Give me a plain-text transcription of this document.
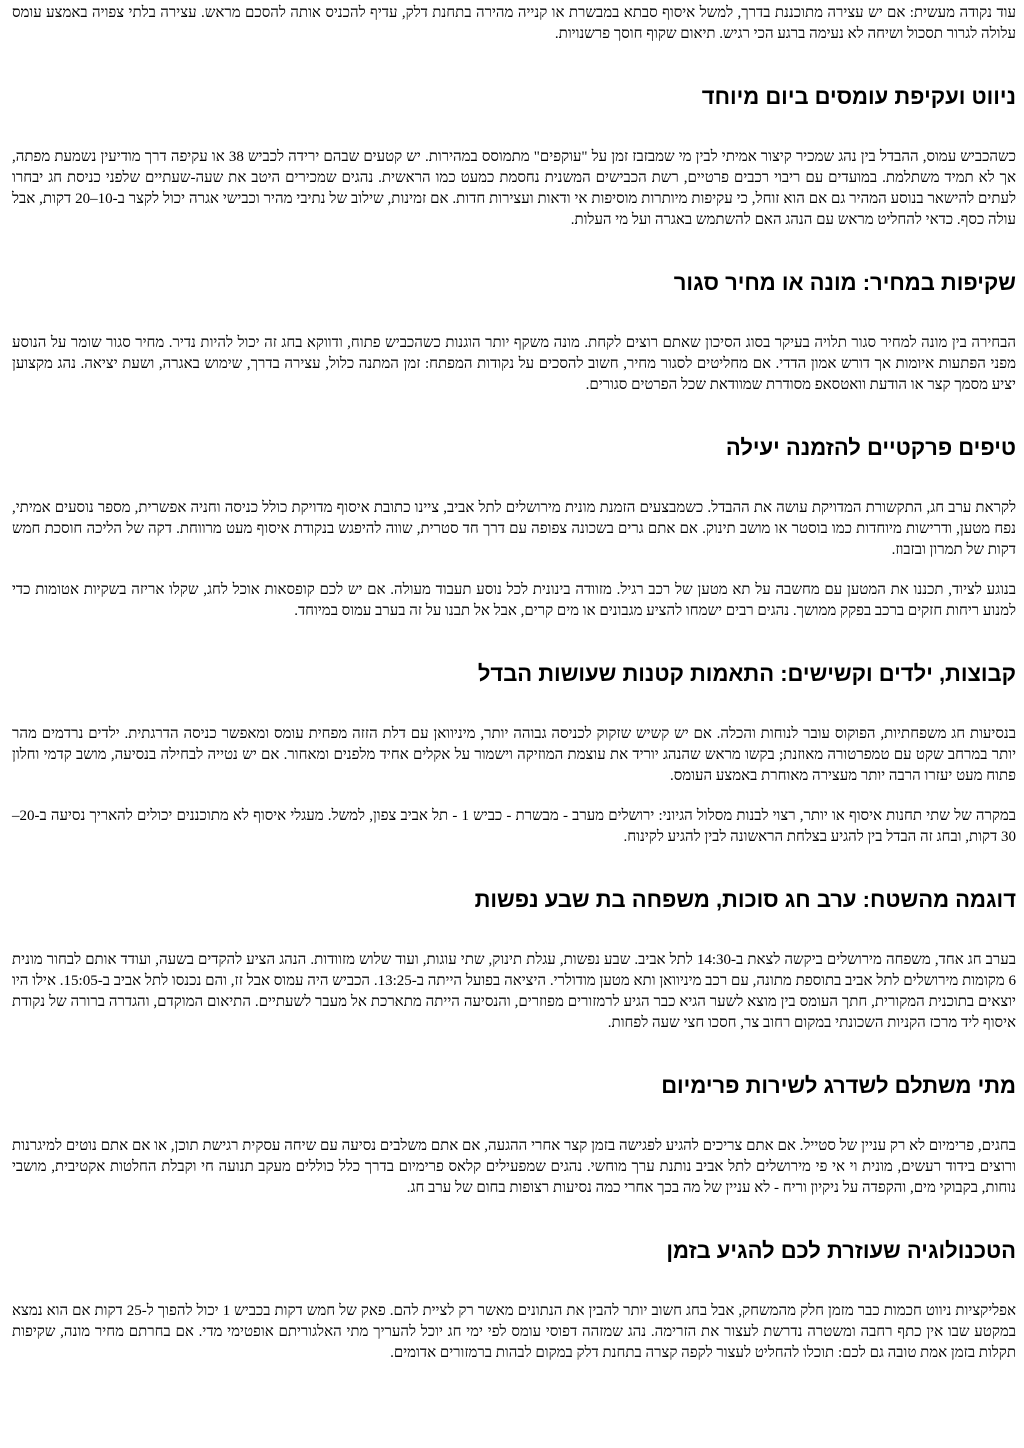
עוד נקודה מעשית: אם יש עצירה מתוכננת בדרך, למשל איסוף סבתא במבשרת או קנייה מהירה בתחנת דלק, עדיף להכניס אותה להסכם מראש. עצירה בלתי צפויה באמצע עומס עלולה לגרור תסכול ושיחה לא נעימה ברגע הכי רגיש. תיאום שקוף חוסך פרשנויות.

ניווט ועקיפת עומסים ביום מיוחד

כשהכביש עמוס, ההבדל בין נהג שמכיר קיצור אמיתי לבין מי שמבזבז זמן על "עוקפים" מתמוסס במהירות. יש קטעים שבהם ירידה לכביש 38 או עקיפה דרך מודיעין נשמעת מפתה, אך לא תמיד משתלמת. במועדים עם ריבוי רכבים פרטיים, רשת הכבישים המשנית נחסמת כמעט כמו הראשית. נהגים שמכירים היטב את שעה-שעתיים שלפני כניסת חג יבחרו לעתים להישאר בנוסע המהיר גם אם הוא זוחל, כי עקיפות מיותרות מוסיפות אי ודאות ועצירות חדות. אם זמינות, שילוב של נתיבי מהיר וכבישי אגרה יכול לקצר ב-10–20 דקות, אבל עולה כסף. כדאי להחליט מראש עם הנהג האם להשתמש באגרה ועל מי העלות.

שקיפות במחיר: מונה או מחיר סגור

הבחירה בין מונה למחיר סגור תלויה בעיקר בסוג הסיכון שאתם רוצים לקחת. מונה משקף יותר הוגנות כשהכביש פתוח, ודווקא בחג זה יכול להיות נדיר. מחיר סגור שומר על הנוסע מפני הפתעות איומות אך דורש אמון הדדי. אם מחליטים לסגור מחיר, חשוב להסכים על נקודות המפתח: זמן המתנה כלול, עצירה בדרך, שימוש באגרה, ושעת יציאה. נהג מקצוען יציע מסמך קצר או הודעת וואטסאפ מסודרת שמוודאת שכל הפרטים סגורים.

טיפים פרקטיים להזמנה יעילה

לקראת ערב חג, התקשורת המדויקת עושה את ההבדל. כשמבצעים הזמנת מונית מירושלים לתל אביב, ציינו כתובת איסוף מדויקת כולל כניסה וחניה אפשרית, מספר נוסעים אמיתי, נפח מטען, ודרישות מיוחדות כמו בוסטר או מושב תינוק. אם אתם גרים בשכונה צפופה עם דרך חד סטרית, שווה להיפגש בנקודת איסוף מעט מרווחת. דקה של הליכה חוסכת חמש דקות של תמרון ובזבוז.

בנוגע לציוד, תכננו את המטען עם מחשבה על תא מטען של רכב רגיל. מזוודה בינונית לכל נוסע תעבוד מעולה. אם יש לכם קופסאות אוכל לחג, שקלו אריזה בשקיות אטומות כדי למנוע ריחות חזקים ברכב בפקק ממושך. נהגים רבים ישמחו להציע מגבונים או מים קרים, אבל אל תבנו על זה בערב עמוס במיוחד.

קבוצות, ילדים וקשישים: התאמות קטנות שעושות הבדל

בנסיעות חג משפחתיות, הפוקוס עובר לנוחות והכלה. אם יש קשיש שזקוק לכניסה גבוהה יותר, מיניוואן עם דלת הזזה מפחית עומס ומאפשר כניסה הדרגתית. ילדים נרדמים מהר יותר במרחב שקט עם טמפרטורה מאוזנת; בקשו מראש שהנהג יוריד את עוצמת המוזיקה וישמור על אקלים אחיד מלפנים ומאחור. אם יש נטייה לבחילה בנסיעה, מושב קדמי וחלון פתוח מעט יעזרו הרבה יותר מעצירה מאוחרת באמצע העומס.

במקרה של שתי תחנות איסוף או יותר, רצוי לבנות מסלול הגיוני: ירושלים מערב - מבשרת - כביש 1 - תל אביב צפון, למשל. מעגלי איסוף לא מתוכננים יכולים להאריך נסיעה ב-20–30 דקות, ובחג זה הבדל בין להגיע בצלחת הראשונה לבין להגיע לקינוח.

דוגמה מהשטח: ערב חג סוכות, משפחה בת שבע נפשות

בערב חג אחד, משפחה מירושלים ביקשה לצאת ב-14:30 לתל אביב. שבע נפשות, עגלת תינוק, שתי עוגות, ועוד שלוש מזוודות. הנהג הציע להקדים בשעה, ועודד אותם לבחור מונית 6 מקומות מירושלים לתל אביב בתוספת מתונה, עם רכב מיניוואן ותא מטען מודולרי. היציאה בפועל הייתה ב-13:25. הכביש היה עמוס אבל זז, והם נכנסו לתל אביב ב-15:05. אילו היו יוצאים בתוכנית המקורית, חתך העומס בין מוצא לשער הגיא כבר הגיע לרמזורים מפוזרים, והנסיעה הייתה מתארכת אל מעבר לשעתיים. התיאום המוקדם, והגדרה ברורה של נקודת איסוף ליד מרכז הקניות השכונתי במקום רחוב צר, חסכו חצי שעה לפחות.

מתי משתלם לשדרג לשירות פרימיום

בחגים, פרימיום לא רק עניין של סטייל. אם אתם צריכים להגיע לפגישה בזמן קצר אחרי ההגעה, אם אתם משלבים נסיעה עם שיחה עסקית רגישת תוכן, או אם אתם נוטים למיגרנות ורוצים בידוד רעשים, מונית וי אי פי מירושלים לתל אביב נותנת ערך מוחשי. נהגים שמפעילים קלאס פרימיום בדרך כלל כוללים מעקב תנועה חי וקבלת החלטות אקטיבית, מושבי נוחות, בקבוקי מים, והקפדה על ניקיון וריח - לא עניין של מה בכך אחרי כמה נסיעות רצופות בחום של ערב חג.

הטכנולוגיה שעוזרת לכם להגיע בזמן

אפליקציות ניווט חכמות כבר מזמן חלק מהמשחק, אבל בחג חשוב יותר להבין את הנתונים מאשר רק לציית להם. פאק של חמש דקות בכביש 1 יכול להפוך ל-25 דקות אם הוא נמצא במקטע שבו אין כתף רחבה ומשטרה נדרשת לעצור את הזרימה. נהג שמזהה דפוסי עומס לפי ימי חג יוכל להעריך מתי האלגוריתם אופטימי מדי. אם בחרתם מחיר מונה, שקיפות תקלות בזמן אמת טובה גם לכם: תוכלו להחליט לעצור לקפה קצרה בתחנת דלק במקום לבהות ברמזורים אדומים.
